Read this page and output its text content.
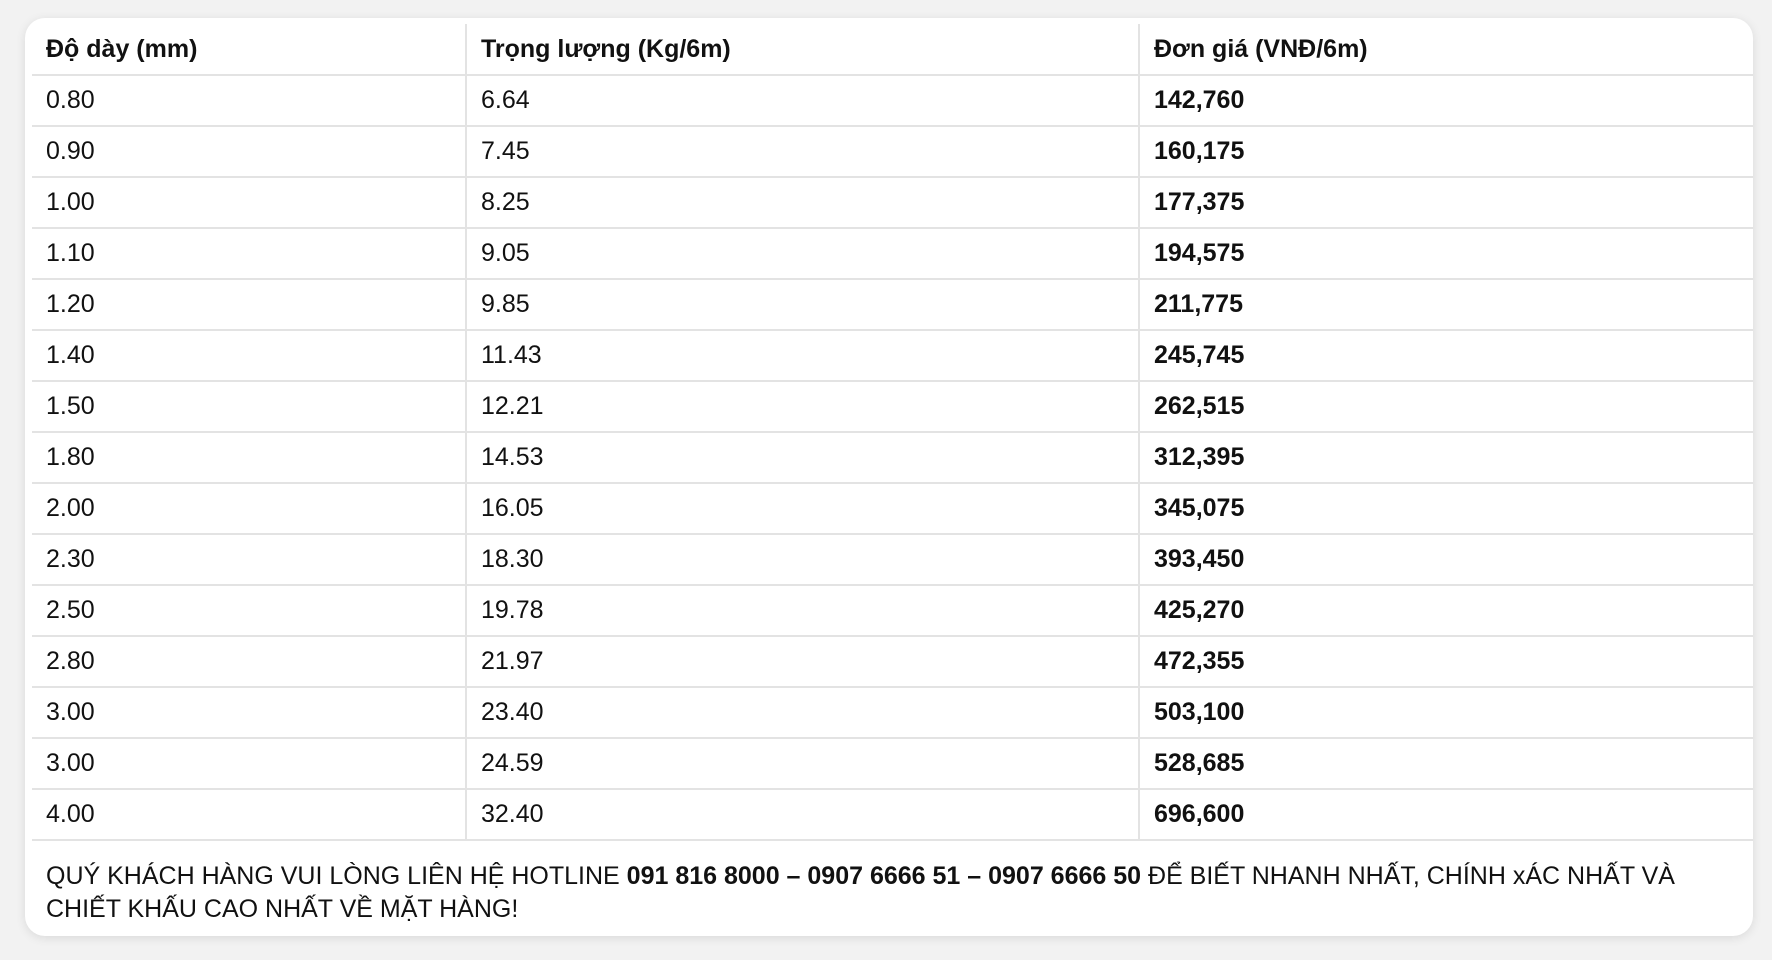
Độ dày (mm)	Trọng lượng (Kg/6m)	Đơn giá (VNĐ/6m)
0.80	6.64	142,760
0.90	7.45	160,175
1.00	8.25	177,375
1.10	9.05	194,575
1.20	9.85	211,775
1.40	11.43	245,745
1.50	12.21	262,515
1.80	14.53	312,395
2.00	16.05	345,075
2.30	18.30	393,450
2.50	19.78	425,270
2.80	21.97	472,355
3.00	23.40	503,100
3.00	24.59	528,685
4.00	32.40	696,600
QUÝ KHÁCH HÀNG VUI LÒNG LIÊN HỆ HOTLINE 091 816 8000 – 0907 6666 51 – 0907 6666 50 ĐỂ BIẾT NHANH NHẤT, CHÍNH xÁC NHẤT VÀ CHIẾT KHẤU CAO NHẤT VỀ MẶT HÀNG!
